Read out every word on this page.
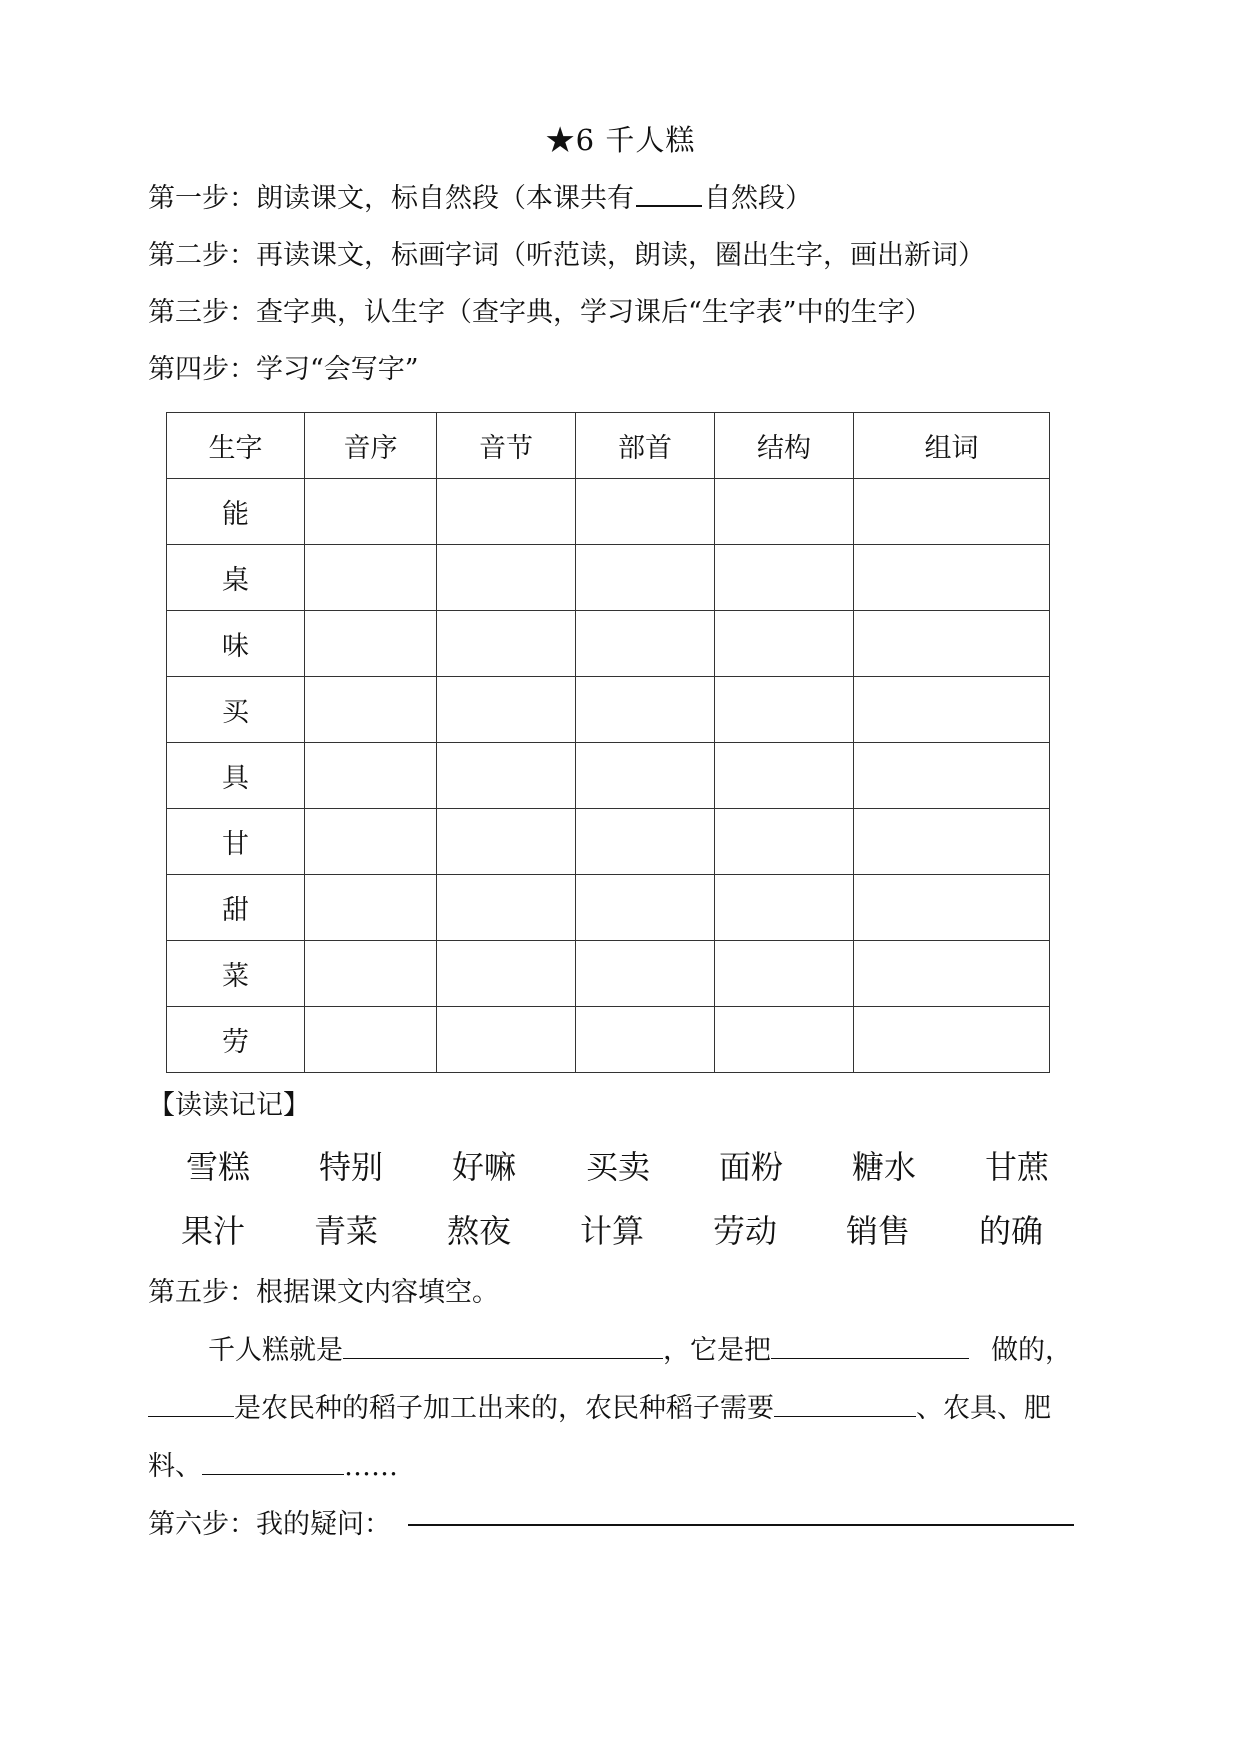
★6 千人糕
第一步：朗读课文，标自然段（本课共有	自然段）
第二步：再读课文，标画字词（听范读，朗读，圈出生字，画出新词）
第三步：查字典，认生字（查字典，学习课后“生字表”中的生字）
第四步：学习“会写字”
生字	音序	音节	部首	结构	组词
能					
桌					
味					
买					
具					
甘					
甜					
菜					
劳					
【读读记记】
雪糕 特别 好嘛 买卖 面粉 糖水 甘蔗
果汁 青菜 熬夜 计算 劳动 销售 的确
第五步：根据课文内容填空。
千人糕就是	，它是把	做的，
是农民种的稻子加工出来的，农民种稻子需要	、农具、肥
料、	……
第六步：我的疑问：
